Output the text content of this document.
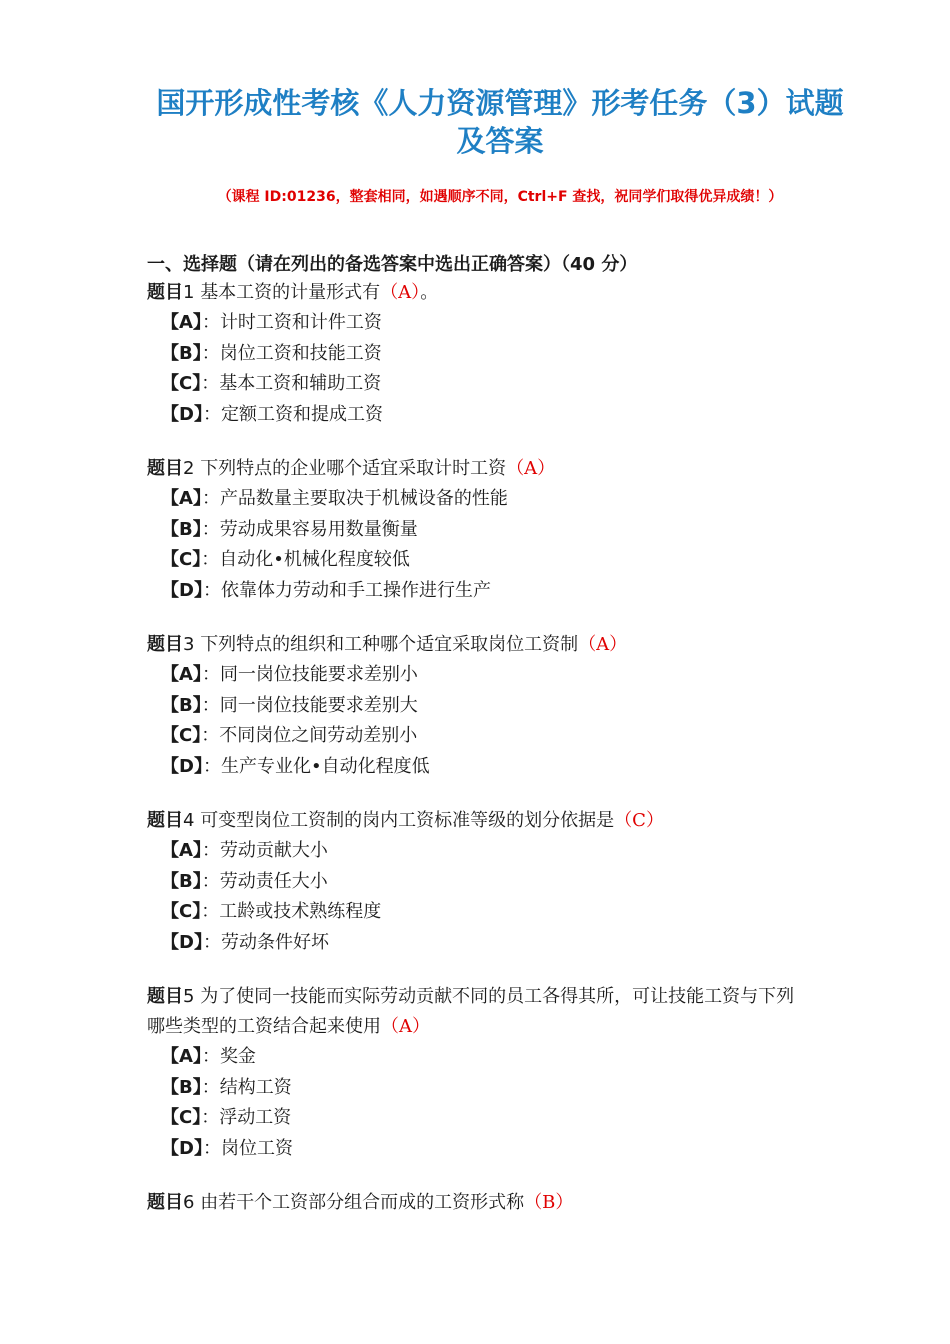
国开形成性考核《人力资源管理》形考任务（3）试题
及答案
（课程 ID:01236，整套相同，如遇顺序不同，Ctrl+F 查找，祝同学们取得优异成绩！）
一、选择题（请在列出的备选答案中选出正确答案）（40 分）
题目1 基本工资的计量形式有（A）。
【A】：计时工资和计件工资
【B】：岗位工资和技能工资
【C】：基本工资和辅助工资
【D】：定额工资和提成工资
题目2 下列特点的企业哪个适宜采取计时工资（A）
【A】：产品数量主要取决于机械设备的性能
【B】：劳动成果容易用数量衡量
【C】：自动化•机械化程度较低
【D】：依靠体力劳动和手工操作进行生产
题目3 下列特点的组织和工种哪个适宜采取岗位工资制（A）
【A】：同一岗位技能要求差别小
【B】：同一岗位技能要求差别大
【C】：不同岗位之间劳动差别小
【D】：生产专业化•自动化程度低
题目4 可变型岗位工资制的岗内工资标准等级的划分依据是（C）
【A】：劳动贡献大小
【B】：劳动责任大小
【C】：工龄或技术熟练程度
【D】：劳动条件好坏
题目5 为了使同一技能而实际劳动贡献不同的员工各得其所，可让技能工资与下列哪些类型的工资结合起来使用（A）
【A】：奖金
【B】：结构工资
【C】：浮动工资
【D】：岗位工资
题目6 由若干个工资部分组合而成的工资形式称（B）
